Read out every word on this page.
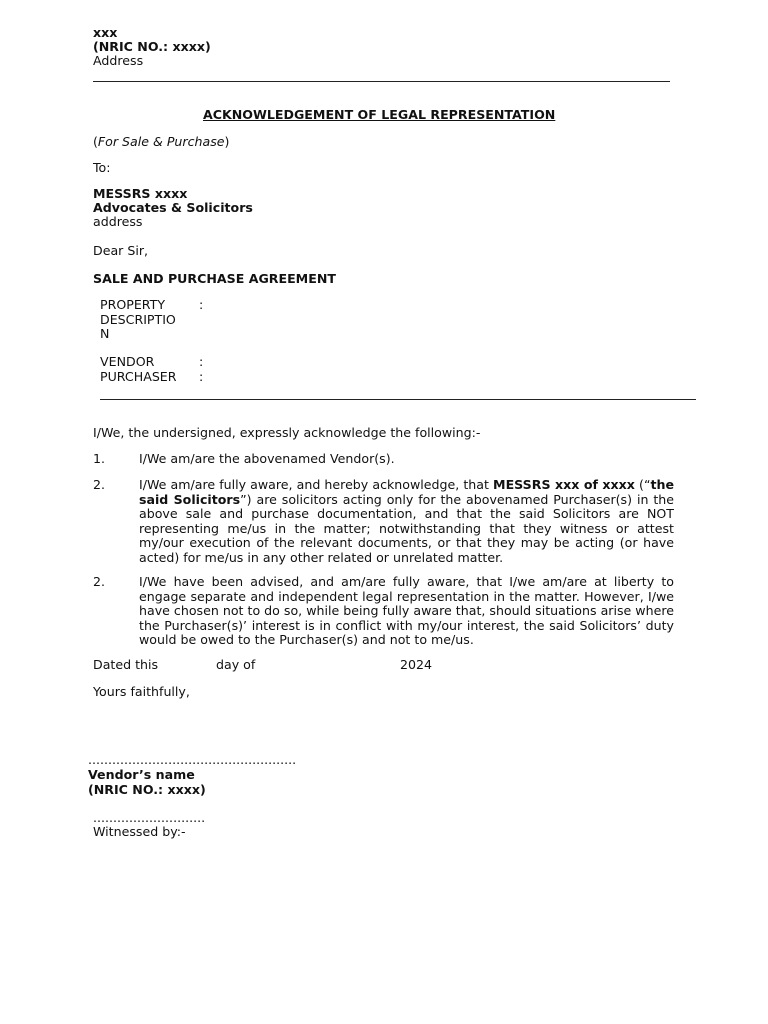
xxx
(NRIC NO.: xxxx)
Address
ACKNOWLEDGEMENT OF LEGAL REPRESENTATION
(For Sale & Purchase)
To:
MESSRS xxxx
Advocates & Solicitors
address
Dear Sir,
SALE AND PURCHASE AGREEMENT
PROPERTY
DESCRIPTIO
N
:
VENDOR	:
PURCHASER :
I/We, the undersigned, expressly acknowledge the following:-
1.	I/We am/are the abovenamed Vendor(s).
2.	I/We am/are fully aware, and hereby acknowledge, that MESSRS xxx of xxxx (“the said Solicitors”) are solicitors acting only for the abovenamed Purchaser(s) in the above sale and purchase documentation, and that the said Solicitors are NOT representing me/us in the matter; notwithstanding that they witness or attest my/our execution of the relevant documents, or that they may be acting (or have acted) for me/us in any other related or unrelated matter.
2.	I/We have been advised, and am/are fully aware, that I/we am/are at liberty to engage separate and independent legal representation in the matter. However, I/we have chosen not to do so, while being fully aware that, should situations arise where the Purchaser(s)’ interest is in conflict with my/our interest, the said Solicitors’ duty would be owed to the Purchaser(s) and not to me/us.
Dated this	day of	2024
Yours faithfully,
....................................................
Vendor’s name
(NRIC NO.: xxxx)
............................
Witnessed by:-
